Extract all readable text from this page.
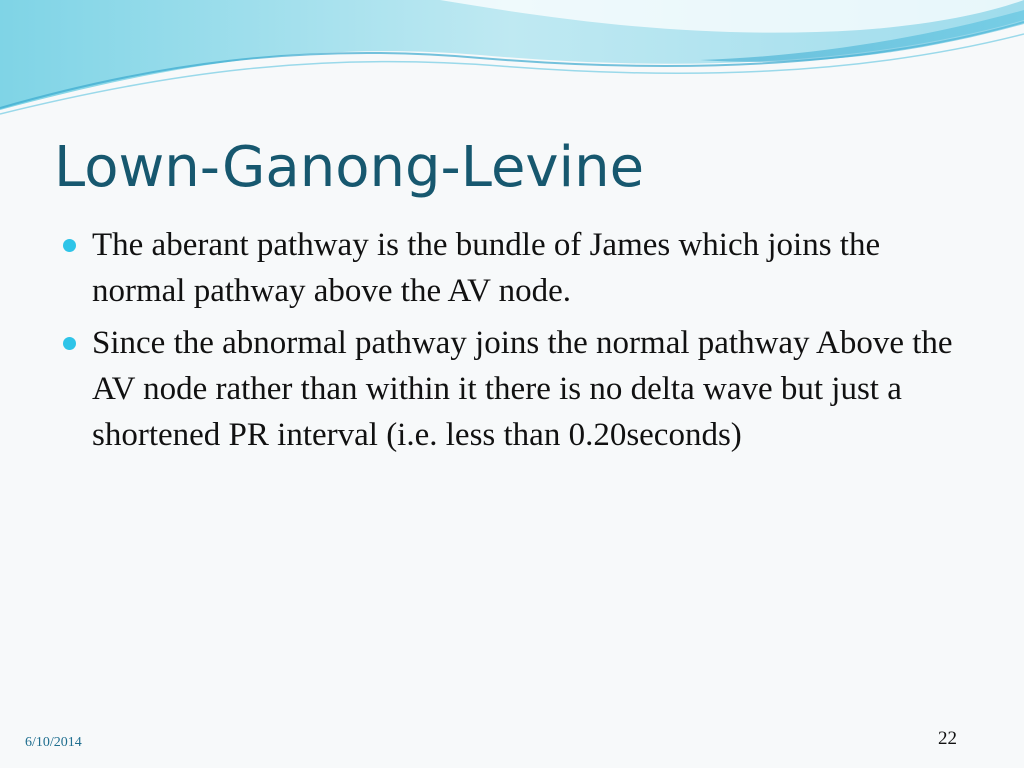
Lown-Ganong-Levine
The aberant pathway is the bundle of James which joins the normal pathway above the AV node.
Since the abnormal pathway joins the normal pathway Above the AV node rather than within it there is no delta wave but just a shortened PR interval (i.e. less than 0.20seconds)
6/10/2014	22
